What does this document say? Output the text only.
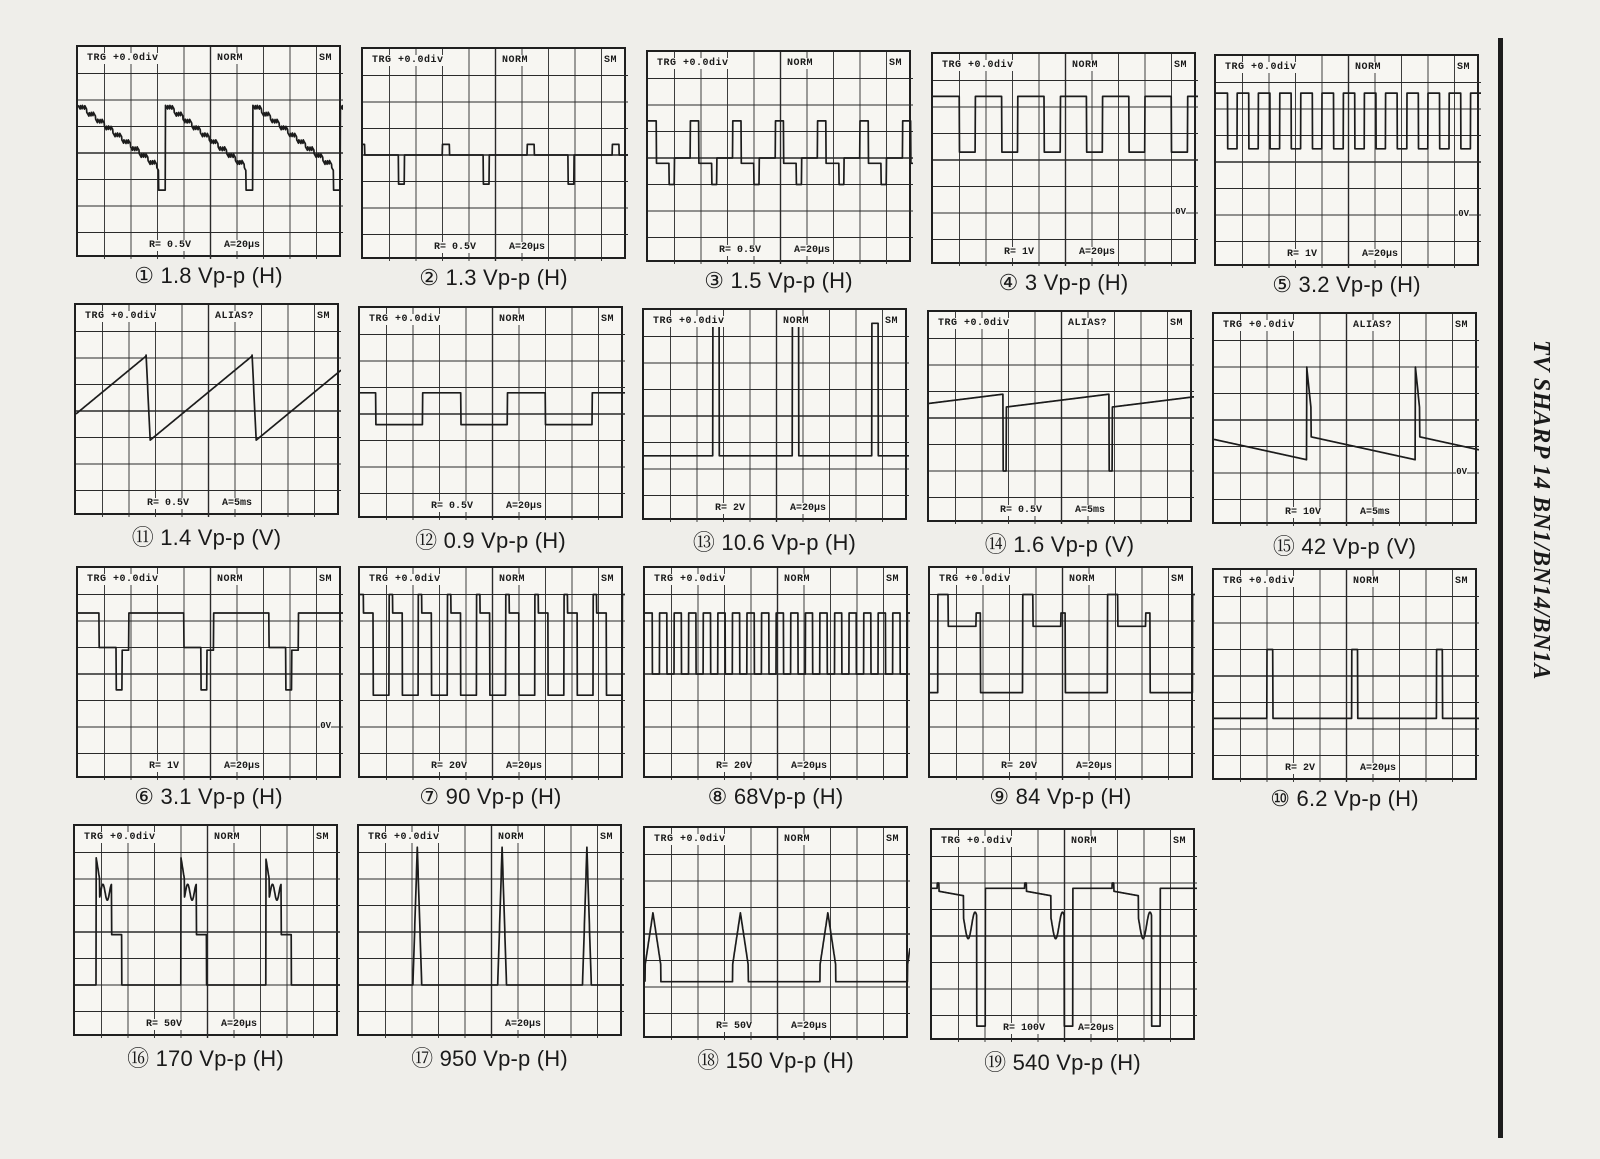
TRG +0.0div	NORM	SM
R= 0.5V	A=20μs
① 1.8 Vp-p (H)
TRG +0.0div	NORM	SM
R= 0.5V	A=20μs
② 1.3 Vp-p (H)
TRG +0.0div	NORM	SM
R= 0.5V	A=20μs
③ 1.5 Vp-p (H)
TRG +0.0div	NORM	SM
R= 1V	A=20μs
0V
④ 3 Vp-p (H)
TRG +0.0div	NORM	SM
R= 1V	A=20μs
0V
⑤ 3.2 Vp-p (H)
TRG +0.0div	ALIAS?	SM
R= 0.5V	A=5ms
⑪ 1.4 Vp-p (V)
TRG +0.0div	NORM	SM
R= 0.5V	A=20μs
⑫ 0.9 Vp-p (H)
TRG +0.0div	NORM	SM
R= 2V	A=20μs
⑬ 10.6 Vp-p (H)
TRG +0.0div	ALIAS?	SM
R= 0.5V	A=5ms
⑭ 1.6 Vp-p (V)
TRG +0.0div	ALIAS?	SM
R= 10V	A=5ms
0V
⑮ 42 Vp-p (V)
TRG +0.0div	NORM	SM
R= 1V	A=20μs
0V
⑥ 3.1 Vp-p (H)
TRG +0.0div	NORM	SM
R= 20V	A=20μs
⑦ 90 Vp-p (H)
TRG +0.0div	NORM	SM
R= 20V	A=20μs
⑧ 68Vp-p (H)
TRG +0.0div	NORM	SM
R= 20V	A=20μs
⑨ 84 Vp-p (H)
TRG +0.0div	NORM	SM
R= 2V	A=20μs
⑩ 6.2 Vp-p (H)
TRG +0.0div	NORM	SM
R= 50V	A=20μs
⑯ 170 Vp-p (H)
TRG +0.0div	NORM	SM
A=20μs
⑰ 950 Vp-p (H)
TRG +0.0div	NORM	SM
R= 50V	A=20μs
⑱ 150 Vp-p (H)
TRG +0.0div	NORM	SM
R= 100V	A=20μs
⑲ 540 Vp-p (H)
TV SHARP 14 BN1/BN14/BN1A
